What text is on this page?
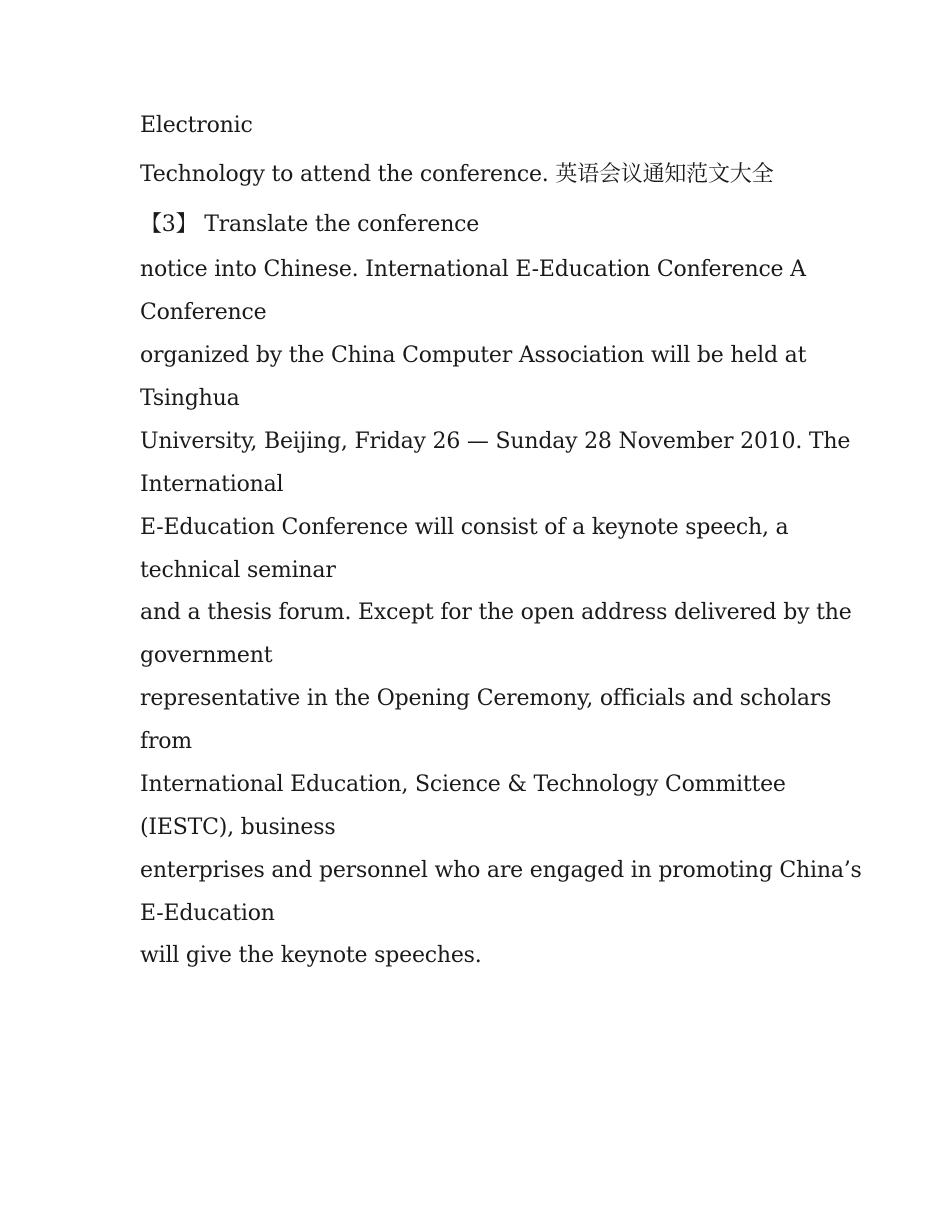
Electronic
Technology to attend the conference. 英语会议通知范文大全
【3】 Translate the conference
notice into Chinese. International E-Education Conference A
Conference
organized by the China Computer Association will be held at
Tsinghua
University, Beijing, Friday 26 — Sunday 28 November 2010. The
International
E-Education Conference will consist of a keynote speech, a
technical seminar
and a thesis forum. Except for the open address delivered by the
government
representative in the Opening Ceremony, officials and scholars
from
International Education, Science & Technology Committee
(IESTC), business
enterprises and personnel who are engaged in promoting China’s
E-Education
will give the keynote speeches.
